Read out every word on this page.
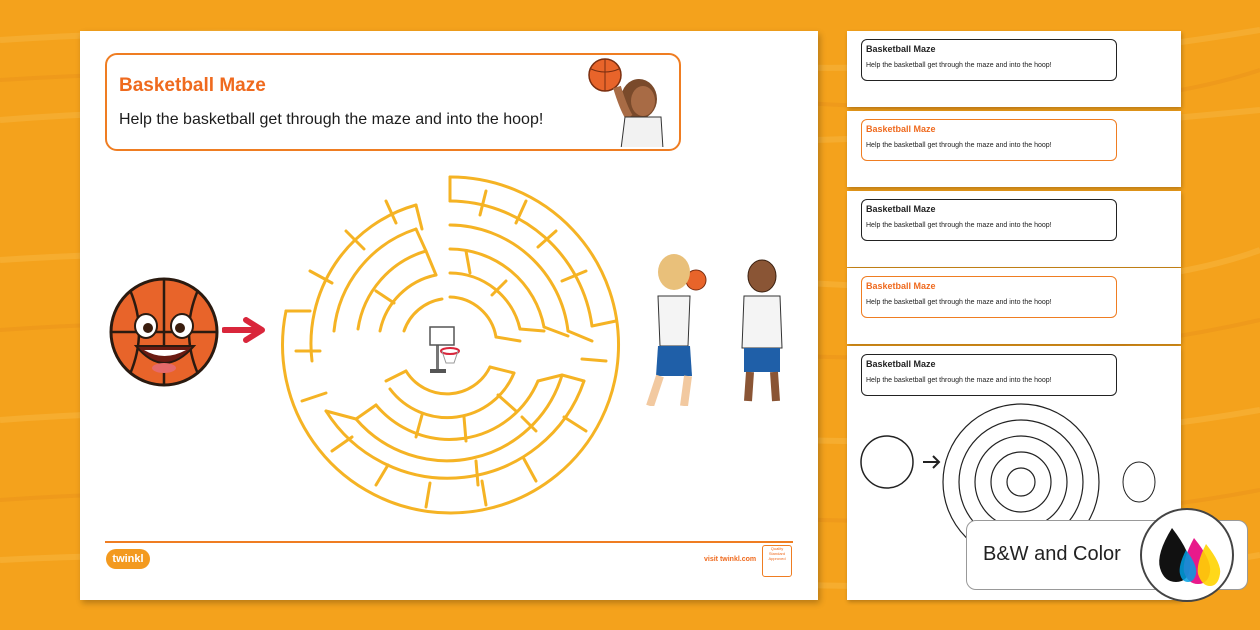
Basketball Maze
Help the basketball get through the maze and into the hoop!
twinkl	visit twinkl.com
Quality Standard Approved
Basketball Maze
Help the basketball get through the maze and into the hoop!
Basketball Maze
Help the basketball get through the maze and into the hoop!
Basketball Maze
Help the basketball get through the maze and into the hoop!
Basketball Maze
Help the basketball get through the maze and into the hoop!
Basketball Maze
Help the basketball get through the maze and into the hoop!
B&W and Color
